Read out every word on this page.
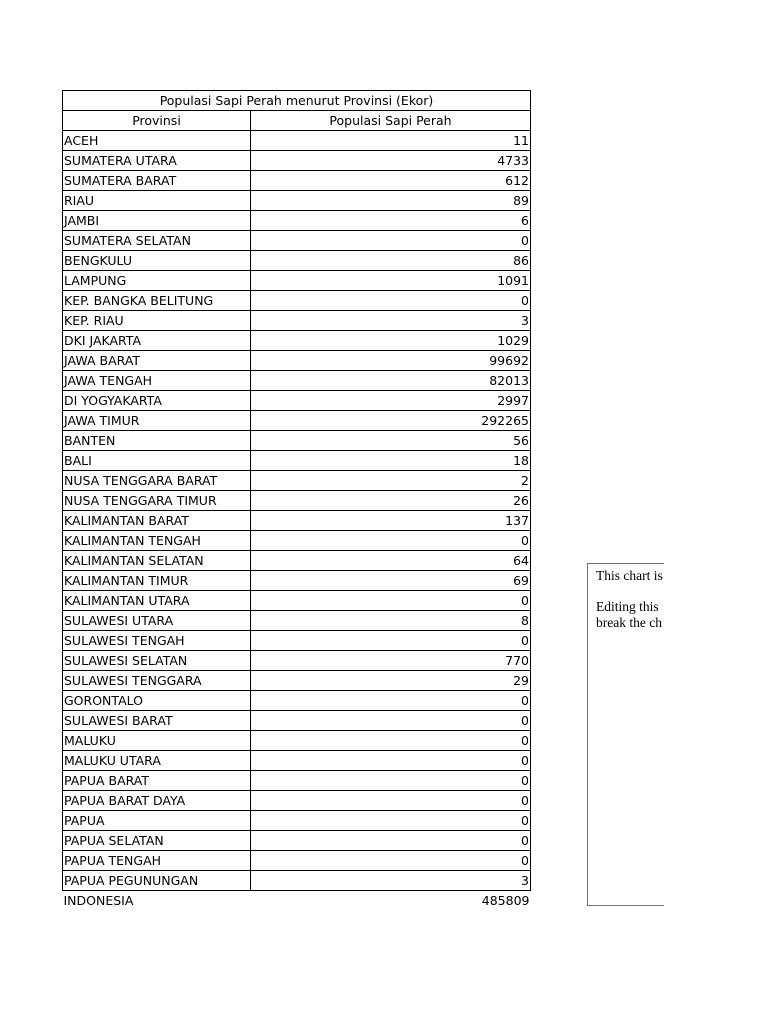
Populasi Sapi Perah menurut Provinsi (Ekor)	
Provinsi	Populasi Sapi Perah
ACEH	11
SUMATERA UTARA	4733
SUMATERA BARAT	612
RIAU	89
JAMBI	6
SUMATERA SELATAN	0
BENGKULU	86
LAMPUNG	1091
KEP. BANGKA BELITUNG	0
KEP. RIAU	3
DKI JAKARTA	1029
JAWA BARAT	99692
JAWA TENGAH	82013
DI YOGYAKARTA	2997
JAWA TIMUR	292265
BANTEN	56
BALI	18
NUSA TENGGARA BARAT	2
NUSA TENGGARA TIMUR	26
KALIMANTAN BARAT	137
KALIMANTAN TENGAH	0
KALIMANTAN SELATAN	64
KALIMANTAN TIMUR	69
KALIMANTAN UTARA	0
SULAWESI UTARA	8
SULAWESI TENGAH	0
SULAWESI SELATAN	770
SULAWESI TENGGARA	29
GORONTALO	0
SULAWESI BARAT	0
MALUKU	0
MALUKU UTARA	0
PAPUA BARAT	0
PAPUA BARAT DAYA	0
PAPUA	0
PAPUA SELATAN	0
PAPUA TENGAH	0
PAPUA PEGUNUNGAN	3
INDONESIA	485809

This chart is

Editing this
break the ch
